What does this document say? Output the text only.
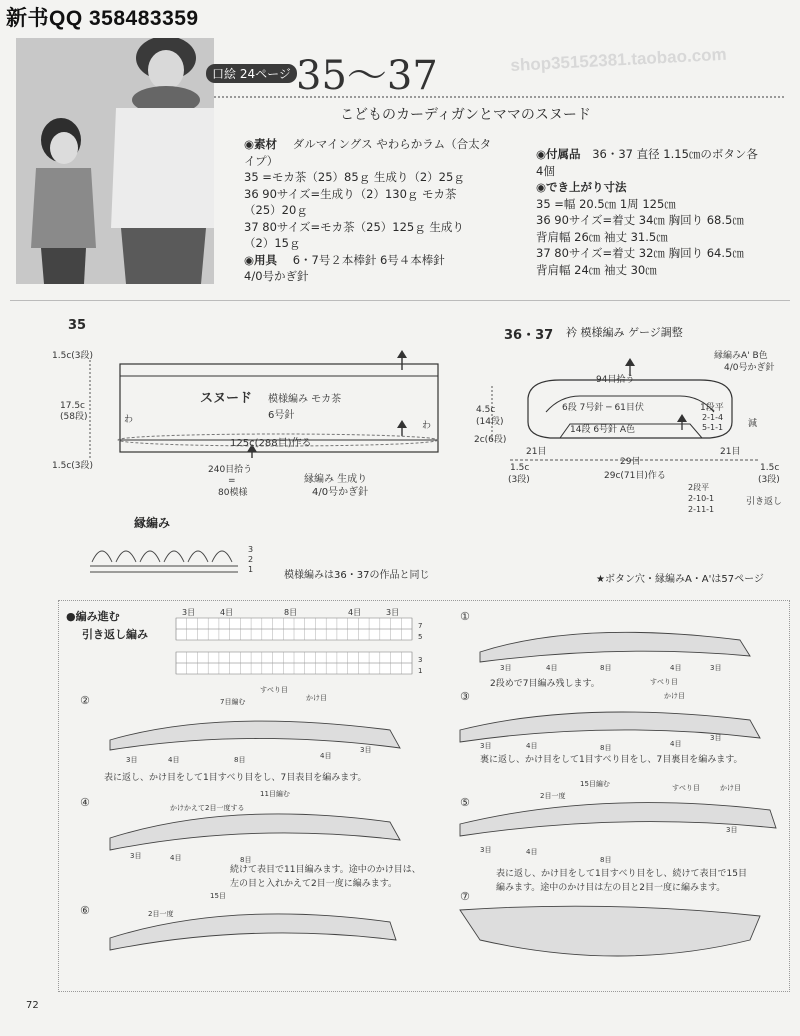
新书QQ 358483359
shop35152381.taobao.com
口絵 24ページ 35〜37
こどものカーディガンとママのスヌード
◉素材 ダルマイングス やわらかラム（合太タ
イプ）
35 =モカ茶（25）85ｇ 生成り（2）25ｇ
36 90サイズ=生成り（2）130ｇ モカ茶
（25）20ｇ
37 80サイズ=モカ茶（25）125ｇ 生成り
（2）15ｇ
◉用具 6・7号２本棒針 6号４本棒針
4/0号かぎ針
◉付属品 36・37 直径 1.15㎝のボタン各
4個
◉でき上がり寸法
35 =幅 20.5㎝ 1周 125㎝
36 90サイズ=着丈 34㎝ 胸回り 68.5㎝
背肩幅 26㎝ 袖丈 31.5㎝
37 80サイズ=着丈 32㎝ 胸回り 64.5㎝
背肩幅 24㎝ 袖丈 30㎝
35
1.5c(3段)
17.5c
(58段)
1.5c(3段)
わ
わ
スヌード 模様編み モカ茶
6号針
125c(288目)作る
240目拾う
=
80模様
縁編み 生成り
4/0号かぎ針
縁編み
3
2
1
模様編みは36・37の作品と同じ
36・37 衿 模様編み ゲージ調整
縁編みA' B色
4/0号かぎ針
94目拾う
4.5c
(14段)
2c(6段)
6段 7号針 ─ 61目伏
14段 6号針 A色
1段平
2-1-4
5-1-1	減
21目
29目
21目
29c(71目)作る
1.5c
(3段)
1.5c
(3段)
2段平
2-10-1
2-11-1
引き返し
★ボタン穴・縁編みA・A'は57ページ
●編み進む
引き返し編み
3目	4目	8目	4目	3目
7
5
3
1
①
2段めで7目編み残します。
②
表に返し、かけ目をして1目すべり目をし、7目表目を編みます。
③
裏に返し、かけ目をして1目すべり目をし、7目裏目を編みます。
④
続けて表目で11目編みます。途中のかけ目は、
左の目と入れかえて2目一度に編みます。
⑤
表に返し、かけ目をして1目すべり目をし、続けて表目で15目
編みます。途中のかけ目は左の目と2目一度に編みます。
⑥
⑦
3目	4目	8目	4目	3目
すべり目
7目編む	かけ目
3目	4目	8目	4目
3目
すべり目
かけ目
3目	4目	8目	4目
3目
11目編む
かけかえて2目一度する
3目	4目	8目
15目編む
2目一度
すべり目	かけ目
3目	4目
8目
3目
15目
2目一度
72
